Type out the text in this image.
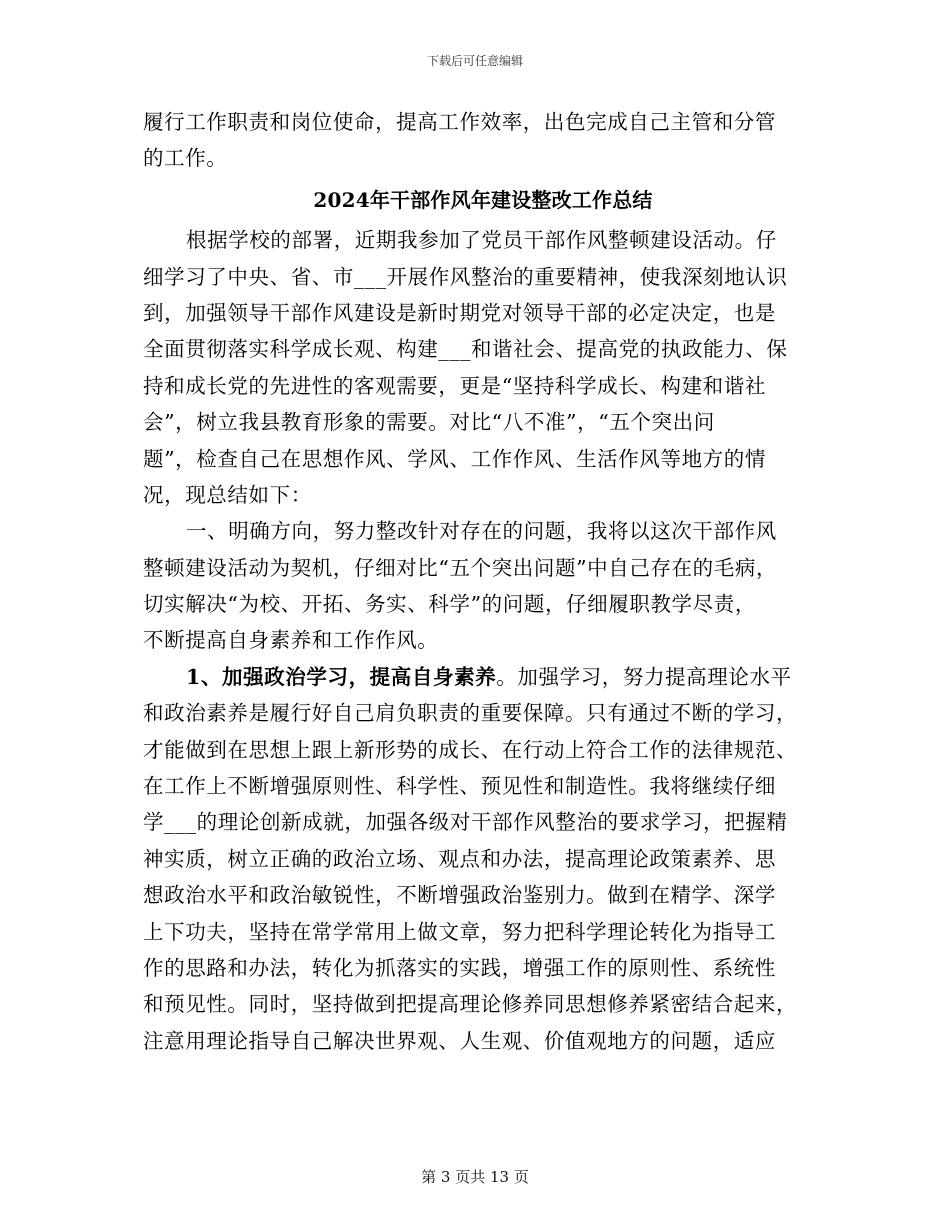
下载后可任意编辑
履行工作职责和岗位使命，提高工作效率，出色完成自己主管和分管
的工作。
2024年干部作风年建设整改工作总结
根据学校的部署，近期我参加了党员干部作风整顿建设活动。仔
细学习了中央、省、市___开展作风整治的重要精神，使我深刻地认识
到，加强领导干部作风建设是新时期党对领导干部的必定决定，也是
全面贯彻落实科学成长观、构建___和谐社会、提高党的执政能力、保
持和成长党的先进性的客观需要，更是“坚持科学成长、构建和谐社
会”，树立我县教育形象的需要。对比“八不准”，“五个突出问
题”，检查自己在思想作风、学风、工作作风、生活作风等地方的情
况，现总结如下：
一、明确方向，努力整改针对存在的问题，我将以这次干部作风
整顿建设活动为契机，仔细对比“五个突出问题”中自己存在的毛病，
切实解决“为校、开拓、务实、科学”的问题，仔细履职教学尽责，
不断提高自身素养和工作作风。
1、加强政治学习，提高自身素养。加强学习，努力提高理论水平
和政治素养是履行好自己肩负职责的重要保障。只有通过不断的学习，
才能做到在思想上跟上新形势的成长、在行动上符合工作的法律规范、
在工作上不断增强原则性、科学性、预见性和制造性。我将继续仔细
学___的理论创新成就，加强各级对干部作风整治的要求学习，把握精
神实质，树立正确的政治立场、观点和办法，提高理论政策素养、思
想政治水平和政治敏锐性，不断增强政治鉴别力。做到在精学、深学
上下功夫，坚持在常学常用上做文章，努力把科学理论转化为指导工
作的思路和办法，转化为抓落实的实践，增强工作的原则性、系统性
和预见性。同时，坚持做到把提高理论修养同思想修养紧密结合起来，
注意用理论指导自己解决世界观、人生观、价值观地方的问题，适应
第 3 页共 13 页
